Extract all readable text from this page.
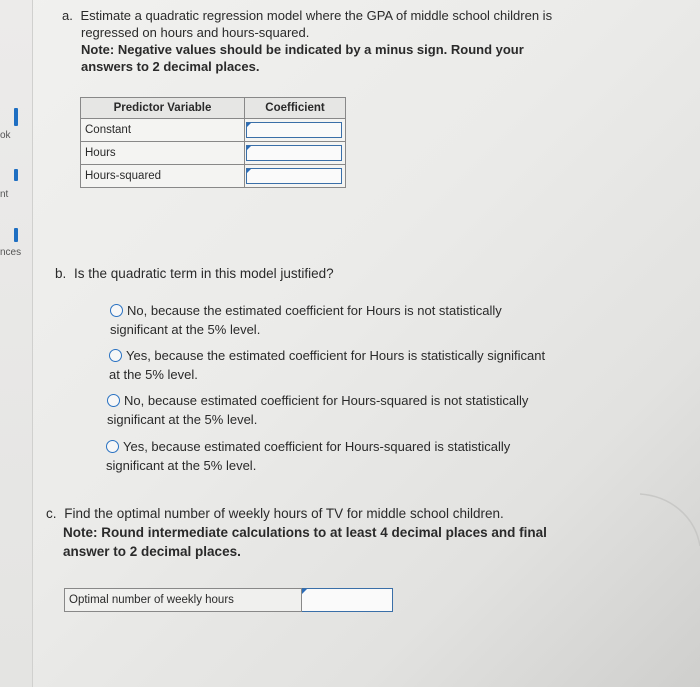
ok
nt
nces
a. Estimate a quadratic regression model where the GPA of middle school children is
regressed on hours and hours-squared.
Note: Negative values should be indicated by a minus sign. Round your
answers to 2 decimal places.
Predictor Variable	Coefficient
Constant	

Hours	

Hours-squared	
b. Is the quadratic term in this model justified?
No, because the estimated coefficient for Hours is not statistically
significant at the 5% level.
Yes, because the estimated coefficient for Hours is statistically significant
at the 5% level.
No, because estimated coefficient for Hours-squared is not statistically
significant at the 5% level.
Yes, because estimated coefficient for Hours-squared is statistically
significant at the 5% level.
c. Find the optimal number of weekly hours of TV for middle school children.
Note: Round intermediate calculations to at least 4 decimal places and final
answer to 2 decimal places.
Optimal number of weekly hours
